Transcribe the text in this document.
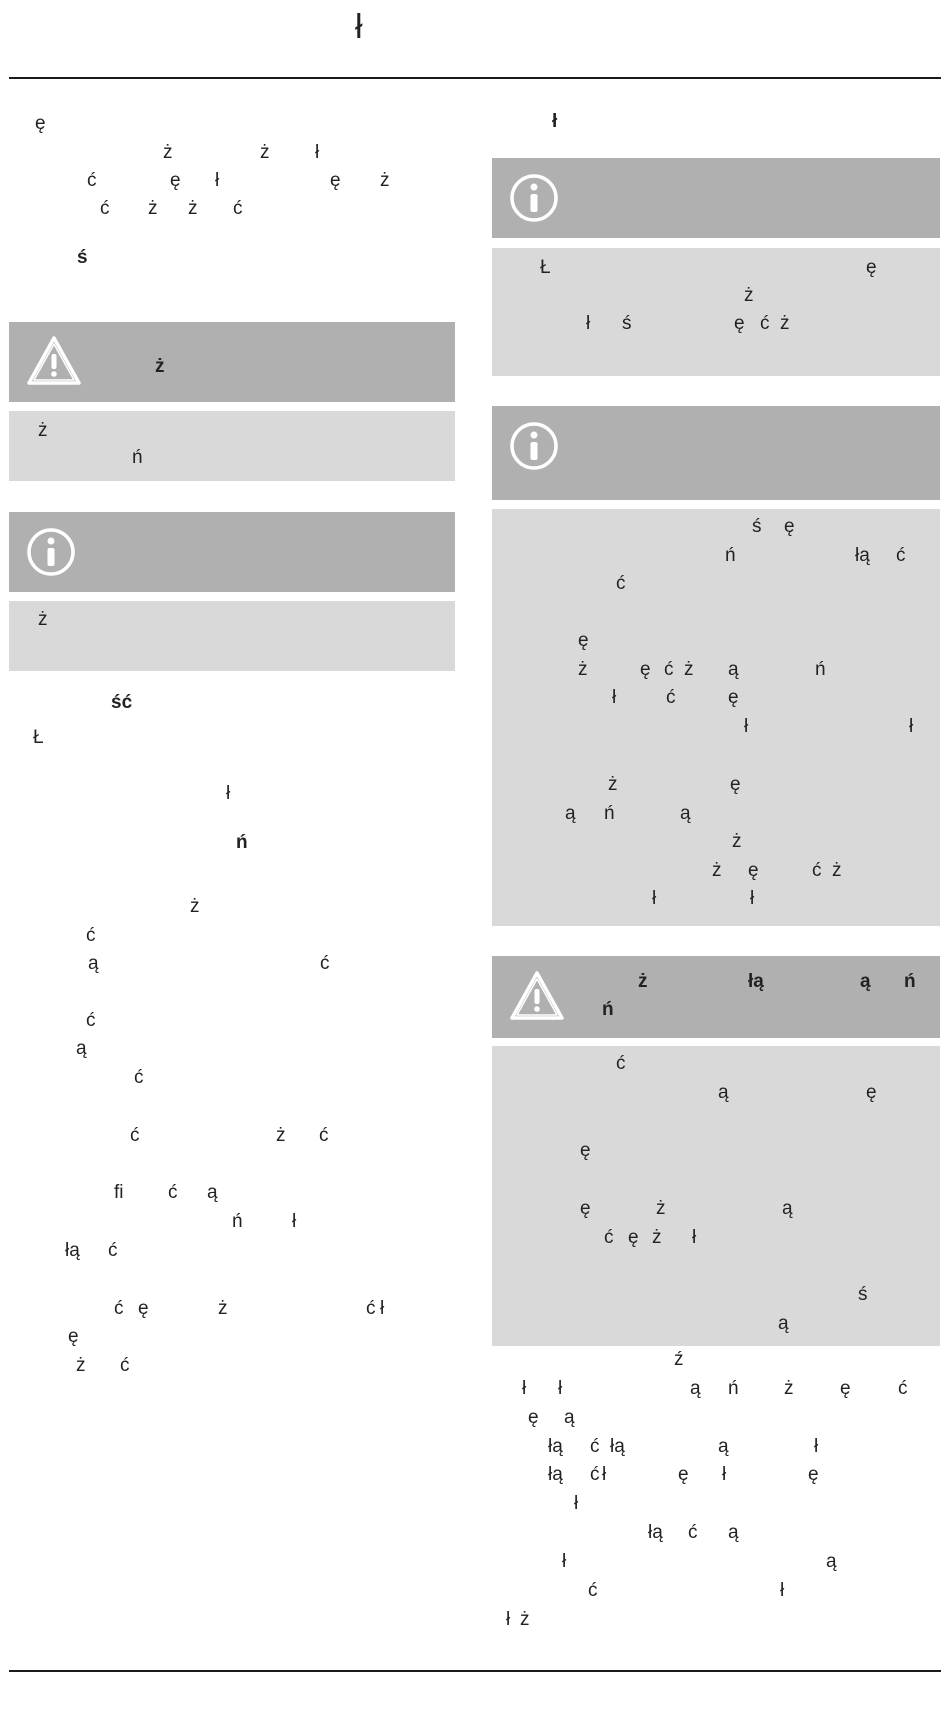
ł
ż
ę
ż	ż ł
ć	ę ł	ę ż
ć ż ż ć
ś
ż
ń
ż
ść
Ł
ł
ń
ż
ć
ą	ć
ć
ą
ć
ć	ż ć
fi ć ą
ń	ł
łą ć
ć ę	ż	ć ł
ę
ż ć
ł
Ł	ę
ż
ł ś	ę ć ż
ś ę
ń	łą ć
ć
ę
ż	ę ć ż ą	ń
ł	ć	ę
ł	ł
ż	ę
ą ń	ą
ż
ż ę	ć ż
ł	ł
ż	łą	ą ń
ń
ć
ą	ę
ę
ę	ż	ą
ć ę ż ł
ś
ą
ź
ł ł	ą ń ż ę ć
ę ą
łą ć łą	ą	ł
łą ć ł	ę ł	ę
ł
łą ć ą
ł	ą
ć	ł
ł ż
